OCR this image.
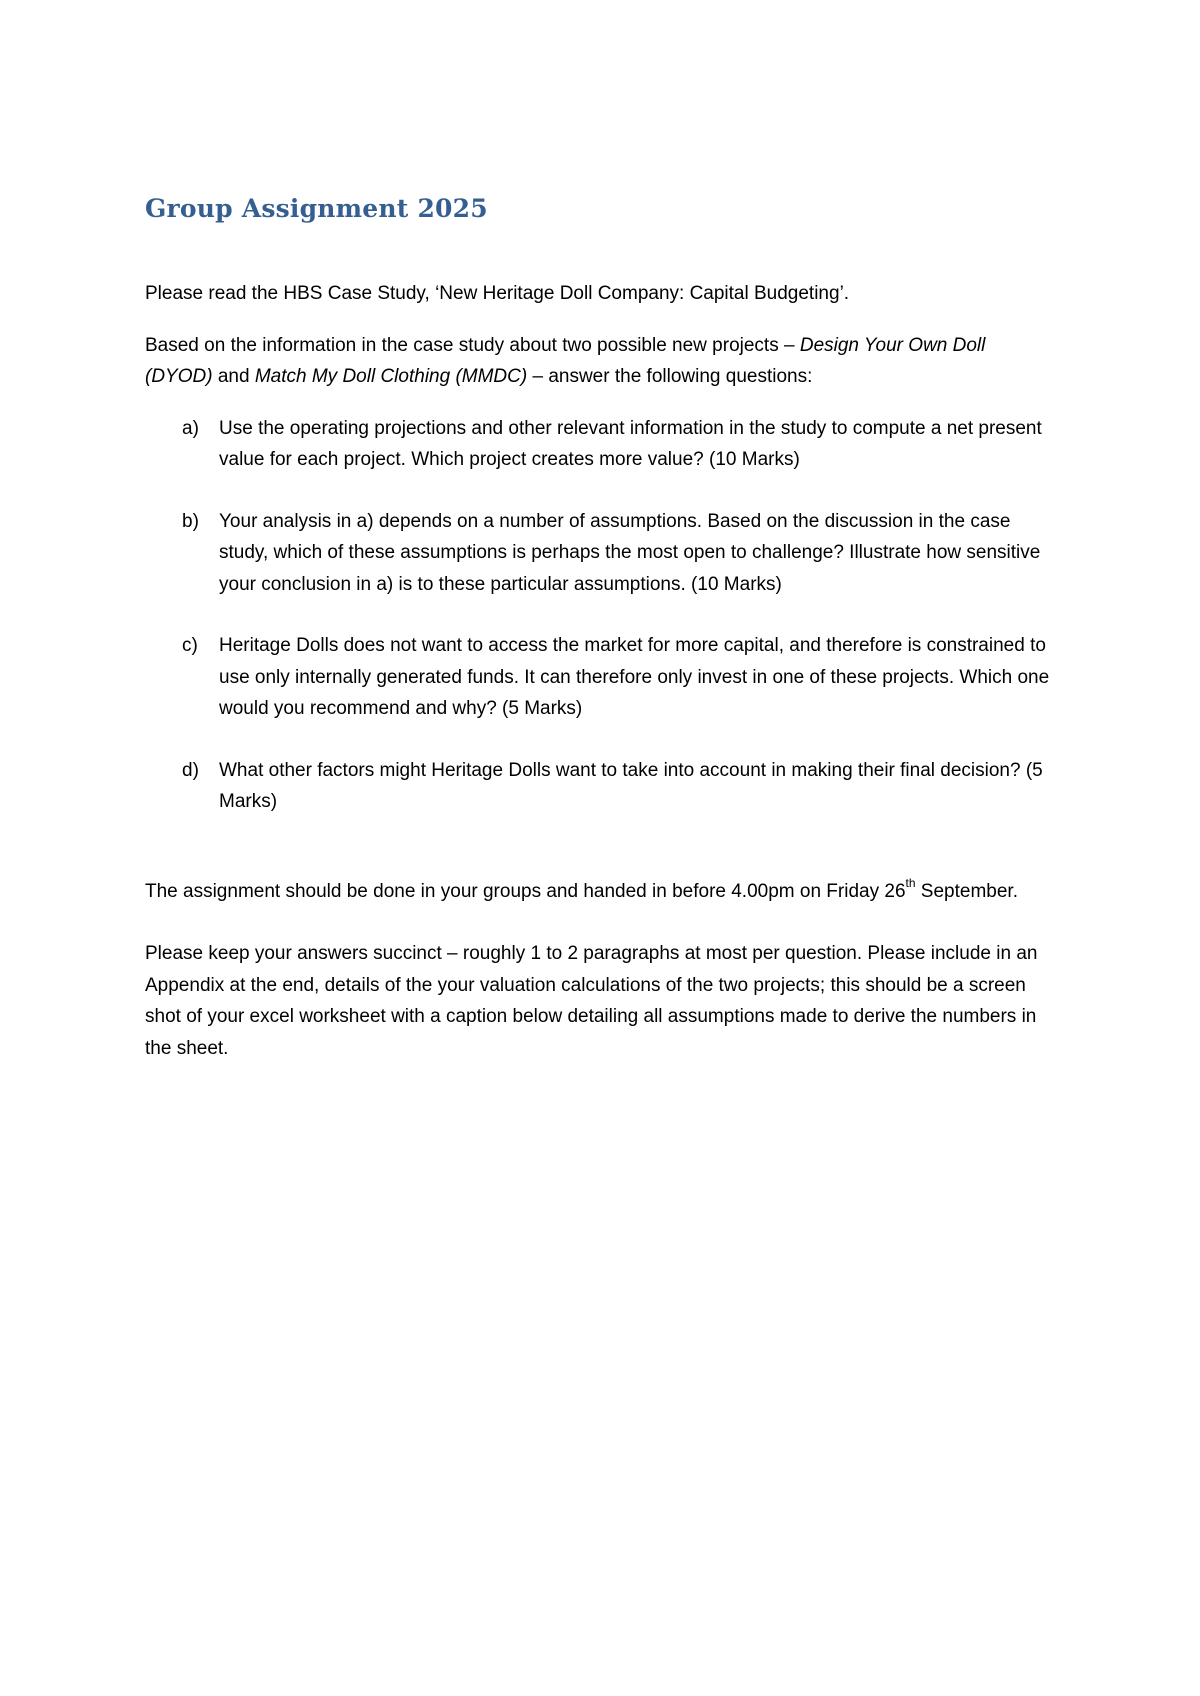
Group Assignment 2025

Please read the HBS Case Study, ‘New Heritage Doll Company: Capital Budgeting’.

Based on the information in the case study about two possible new projects – Design Your Own Doll (DYOD) and Match My Doll Clothing (MMDC) – answer the following questions:

a) Use the operating projections and other relevant information in the study to compute a net present value for each project. Which project creates more value? (10 Marks)
b) Your analysis in a) depends on a number of assumptions. Based on the discussion in the case study, which of these assumptions is perhaps the most open to challenge? Illustrate how sensitive your conclusion in a) is to these particular assumptions. (10 Marks)
c) Heritage Dolls does not want to access the market for more capital, and therefore is constrained to use only internally generated funds. It can therefore only invest in one of these projects. Which one would you recommend and why? (5 Marks)
d) What other factors might Heritage Dolls want to take into account in making their final decision? (5 Marks)

The assignment should be done in your groups and handed in before 4.00pm on Friday 26th September.

Please keep your answers succinct – roughly 1 to 2 paragraphs at most per question. Please include in an Appendix at the end, details of the your valuation calculations of the two projects; this should be a screen shot of your excel worksheet with a caption below detailing all assumptions made to derive the numbers in the sheet.
